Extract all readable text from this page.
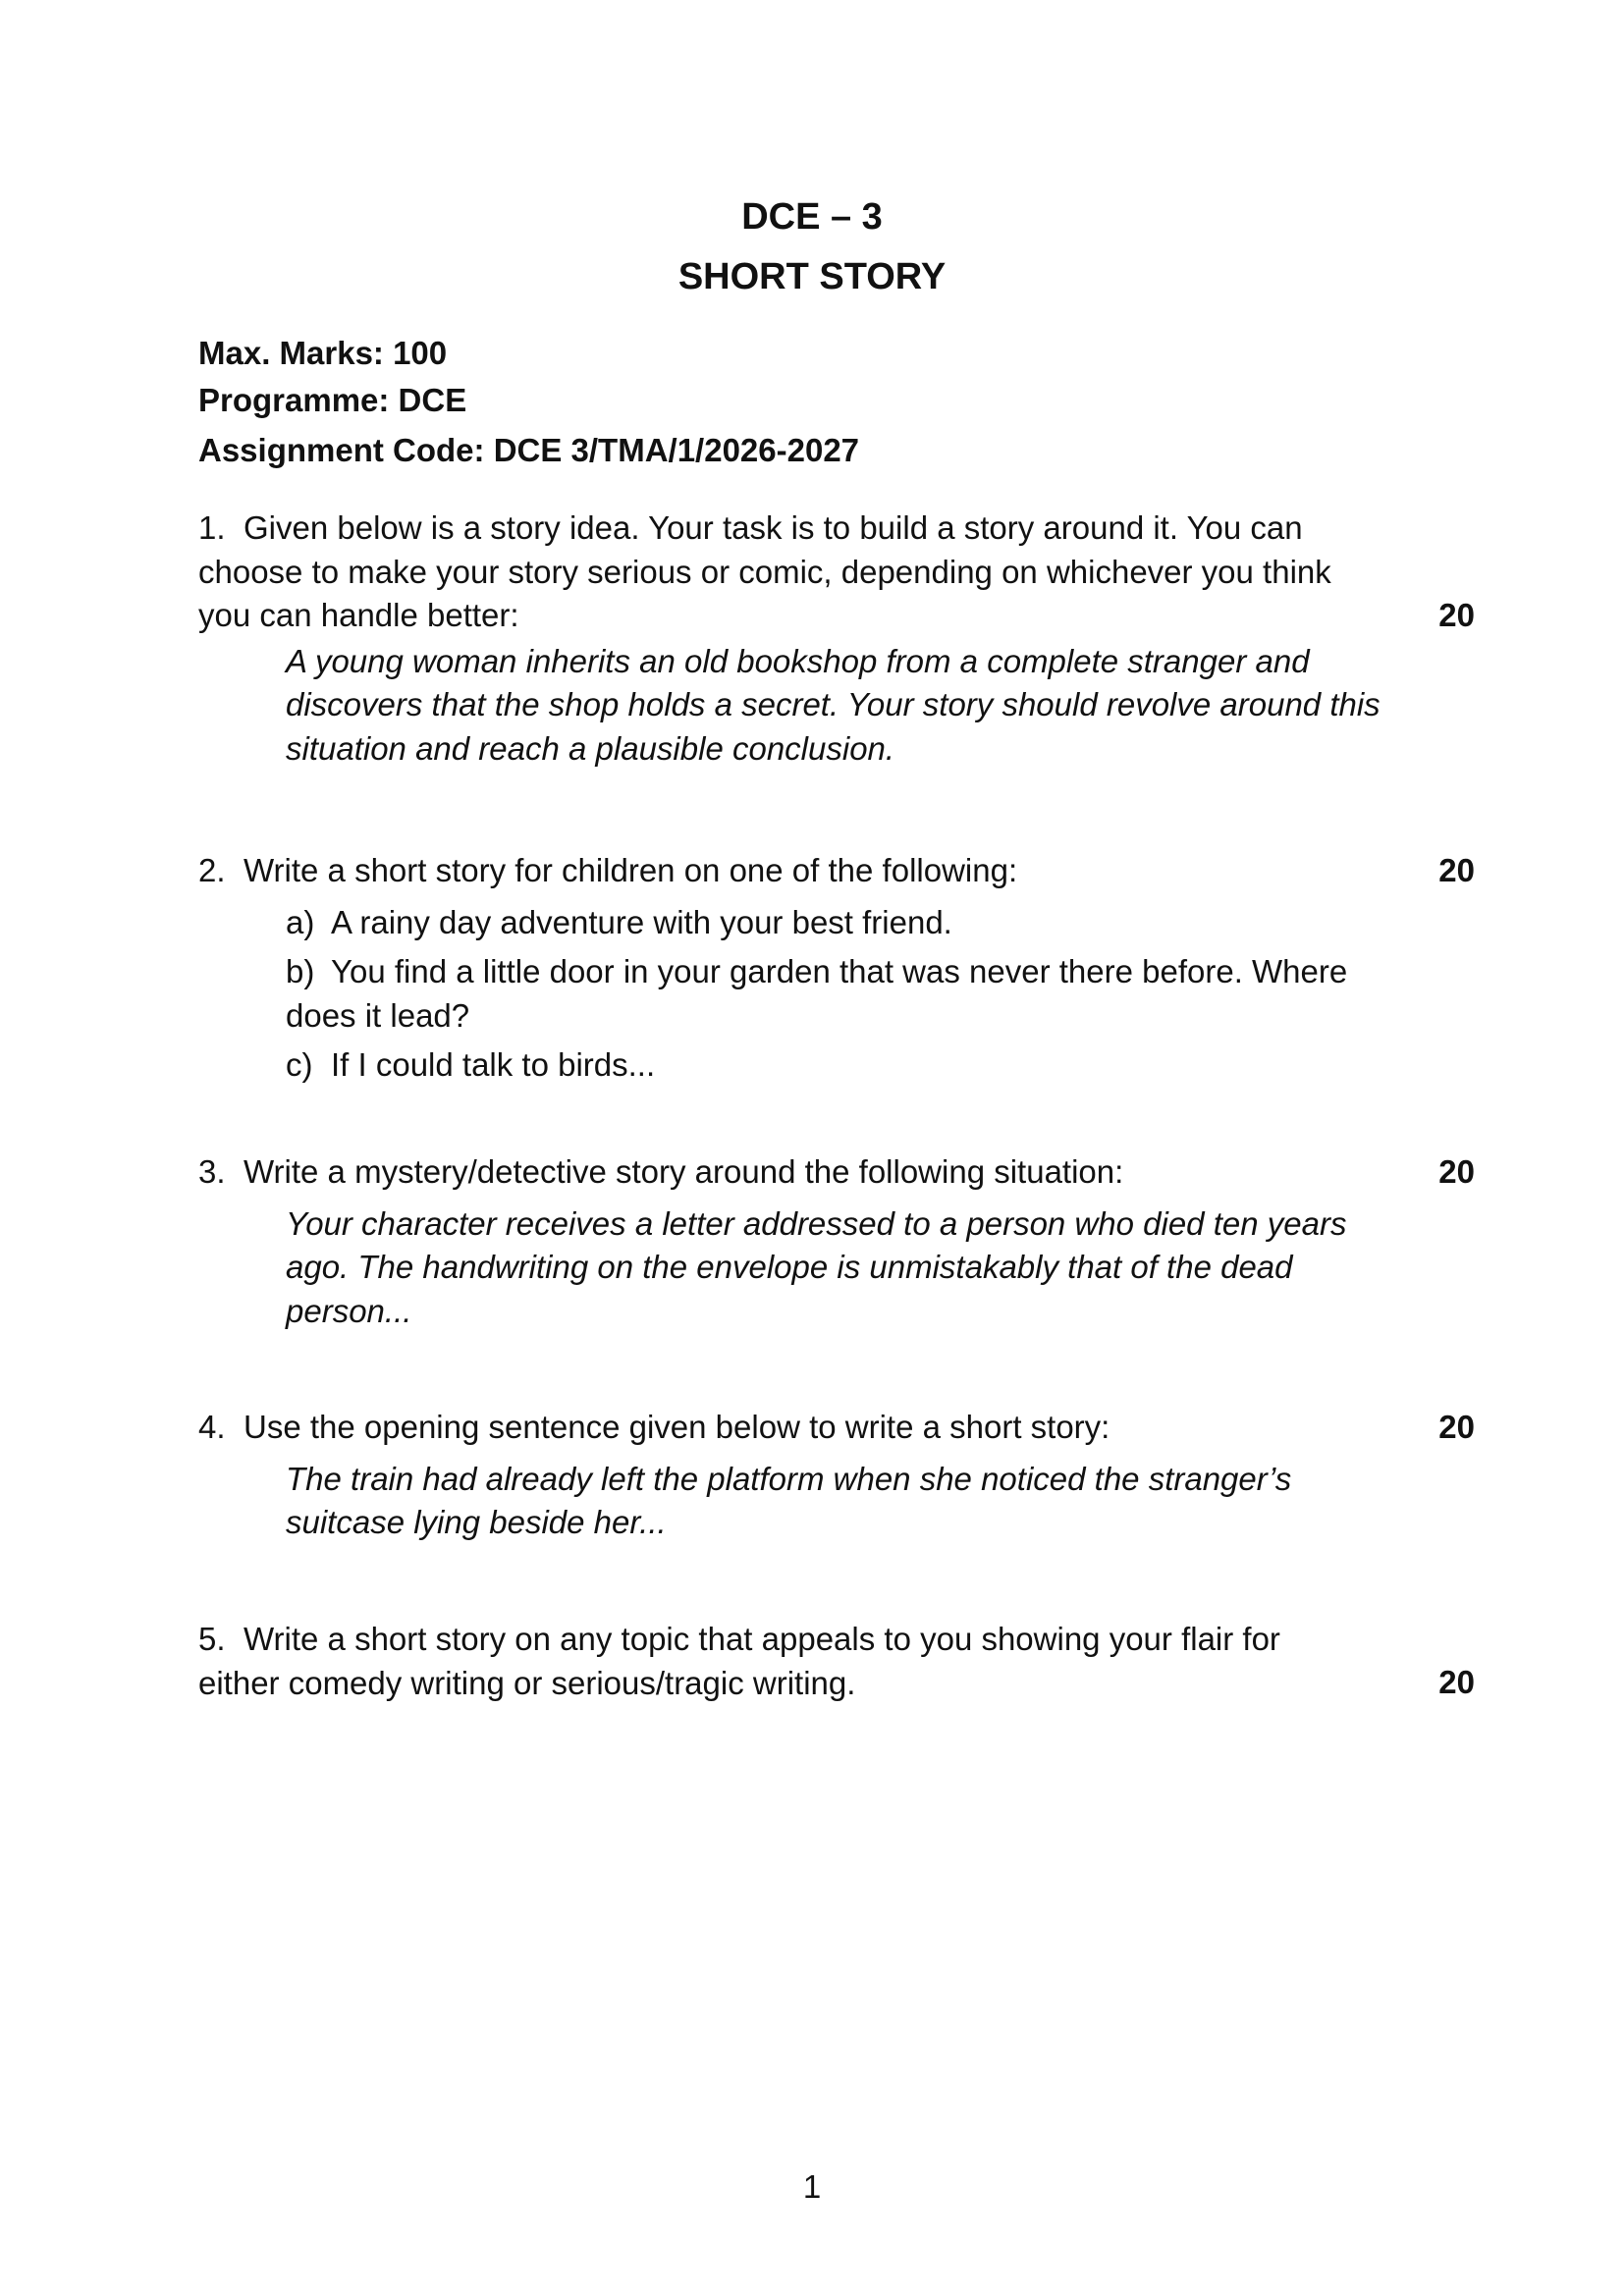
DCE – 3
SHORT STORY
Max. Marks: 100
Programme: DCE
Assignment Code: DCE 3/TMA/1/2026-2027
1. Given below is a story idea. Your task is to build a story around it. You can
choose to make your story serious or comic, depending on whichever you think
you can handle better:	20
A young woman inherits an old bookshop from a complete stranger and
discovers that the shop holds a secret. Your story should revolve around this
situation and reach a plausible conclusion.
2. Write a short story for children on one of the following:	20
a) A rainy day adventure with your best friend.
b) You find a little door in your garden that was never there before. Where
does it lead?
c) If I could talk to birds...
3. Write a mystery/detective story around the following situation:	20
Your character receives a letter addressed to a person who died ten years
ago. The handwriting on the envelope is unmistakably that of the dead
person...
4. Use the opening sentence given below to write a short story:	20
The train had already left the platform when she noticed the stranger’s
suitcase lying beside her...
5. Write a short story on any topic that appeals to you showing your flair for
either comedy writing or serious/tragic writing.	20
1
